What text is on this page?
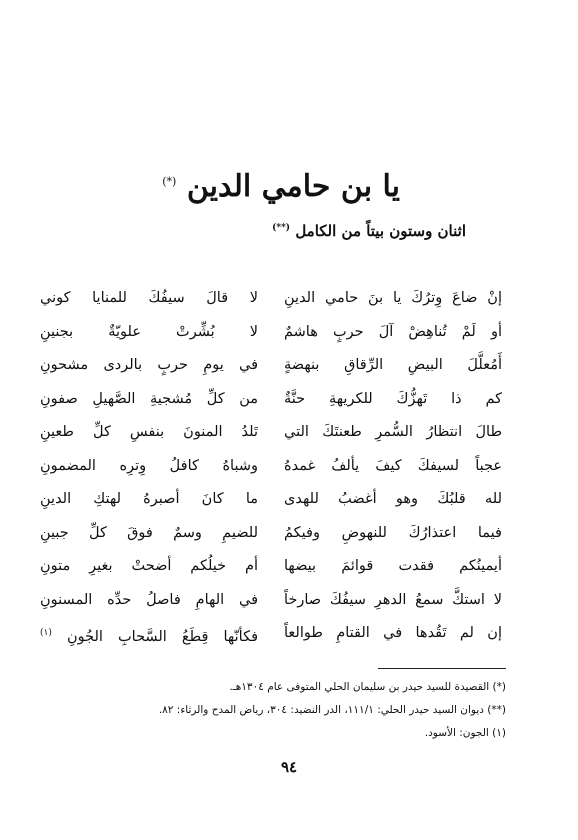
يا بن حامي الدين (*)
اثنان وستون بيتاً من الكامل (**)
إنْ ضاعَ وِترُكَ يا بنَ حامي الدينِ
أو لَمْ تُناهِضْ آلَ حربٍ هاشمٌ
أَمُعلَّلَ البيضِ الرِّقاقِ بنهضةٍ
كم ذا تَهزُّكَ للكريهةِ حنَّةٌ
طالَ انتظارُ السُّمرِ طعنتَكَ التي
عجباً لسيفكَ كيفَ يألفُ غمدهُ
لله قلبُكَ وهو أغضبُ للهدى
فيما اعتذارُكَ للنهوضِ وفيكمُ
أيمينُكم فقدت قوائمَ بيضها
لا استكَّ سمعُ الدهرِ سيفُكَ صارخاً
إن لم تَقُدها في القتامِ طوالعاً
لا قالَ سيفُكَ للمنايا كوني
لا بُشِّرتْ علويّةٌ بجنينِ
في يومِ حربٍ بالردى مشحونِ
من كلِّ مُشجيةِ الصَّهيلِ صفونِ
تَلدُ المنونَ بنفسِ كلِّ طعينِ
وشباهُ كافلُ وِترِه المضمونِ
ما كانَ أصبرهُ لهتكِ الدينِ
للضيمِ وسمٌ فوقَ كلِّ جبينِ
أم خيلُكم أضحتْ بغيرِ متونِ
في الهامِ فاصلُ حدِّه المسنونِ
فكأنّها قِطَعُ السَّحابِ الجُونِ $^{(١)}$
(*) القصيدة للسيد حيدر بن سليمان الحلي المتوفى عام ١٣٠٤هـ.
(**) ديوان السيد حيدر الحلي: ١١١/١، الدر النضيد: ٣٠٤، رياض المدح والرثاء: ٨٢.
(١) الجون: الأسود.
٩٤
